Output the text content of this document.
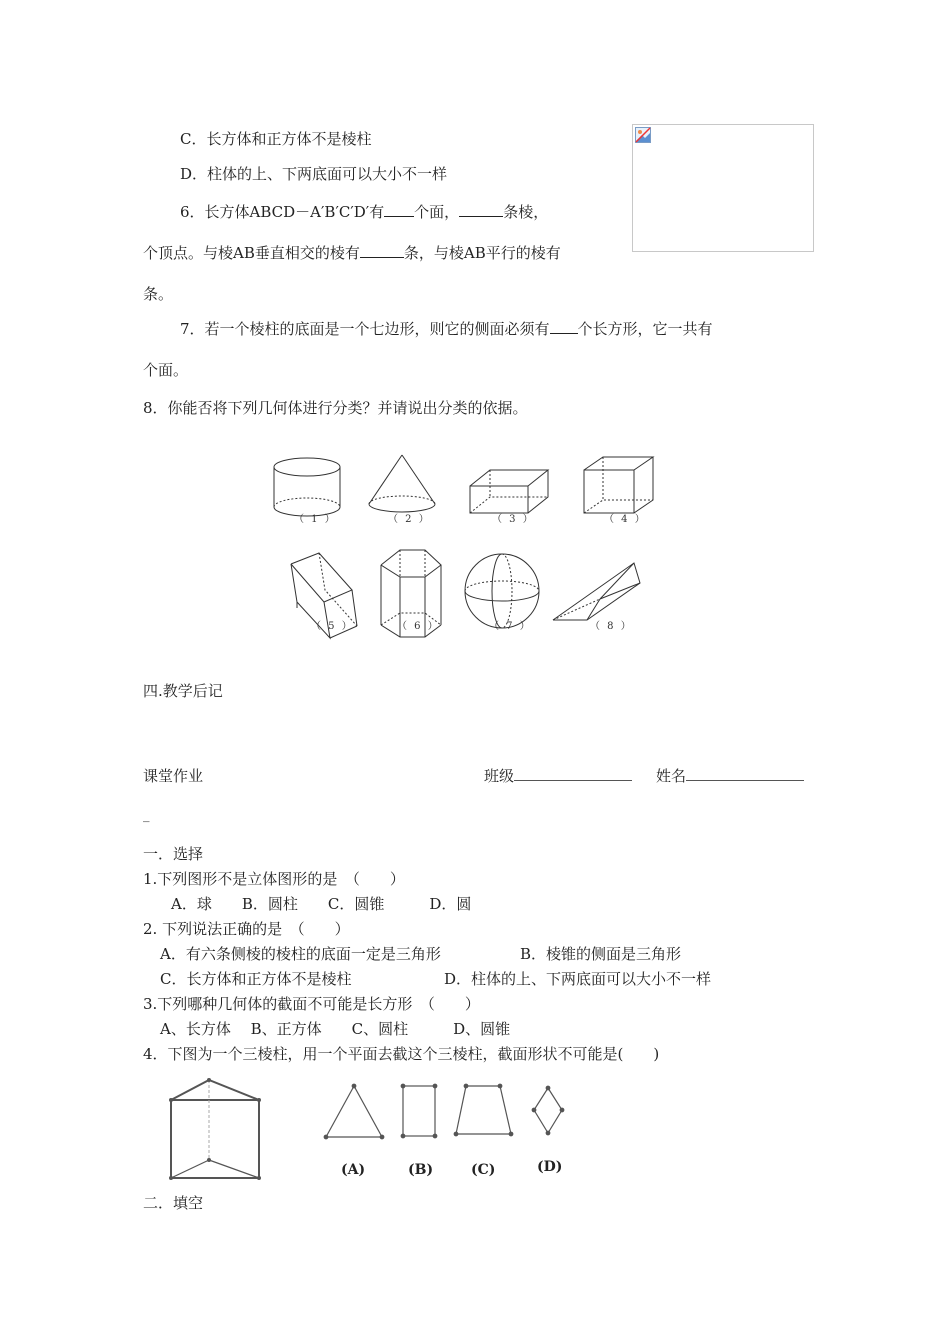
C．长方体和正方体不是棱柱
D．柱体的上、下两底面可以大小不一样
6．长方体ABCD－A′B′C′D′有 个面，	条棱，
个顶点。与棱AB垂直相交的棱有	条，与棱AB平行的棱有
条。
7．若一个棱柱的底面是一个七边形，则它的侧面必须有 个长方形，它一共有
个面。
8．你能否将下列几何体进行分类？并请说出分类的依据。
（ 1 ）	（ 2 ）	（ 3 ）	（ 4 ）
（ 5 ）	（ 6 ）	（ 7 ）	（ 8 ）
四.教学后记
课堂作业	班级	姓名
_
一．选择
1.下列图形不是立体图形的是　（　　）
A．球　　B．圆柱　　C．圆锥　　　D．圆
2. 下列说法正确的是　（　　）
A．有六条侧棱的棱柱的底面一定是三角形	B．棱锥的侧面是三角形
C．长方体和正方体不是棱柱	D．柱体的上、下两底面可以大小不一样
3.下列哪种几何体的截面不可能是长方形　（　　）
A、长方体　 B、正方体　　C、圆柱　　　D、圆锥
4．下图为一个三棱柱，用一个平面去截这个三棱柱，截面形状不可能是(　　)
(A)	(B)	(C)	(D)
二．填空
